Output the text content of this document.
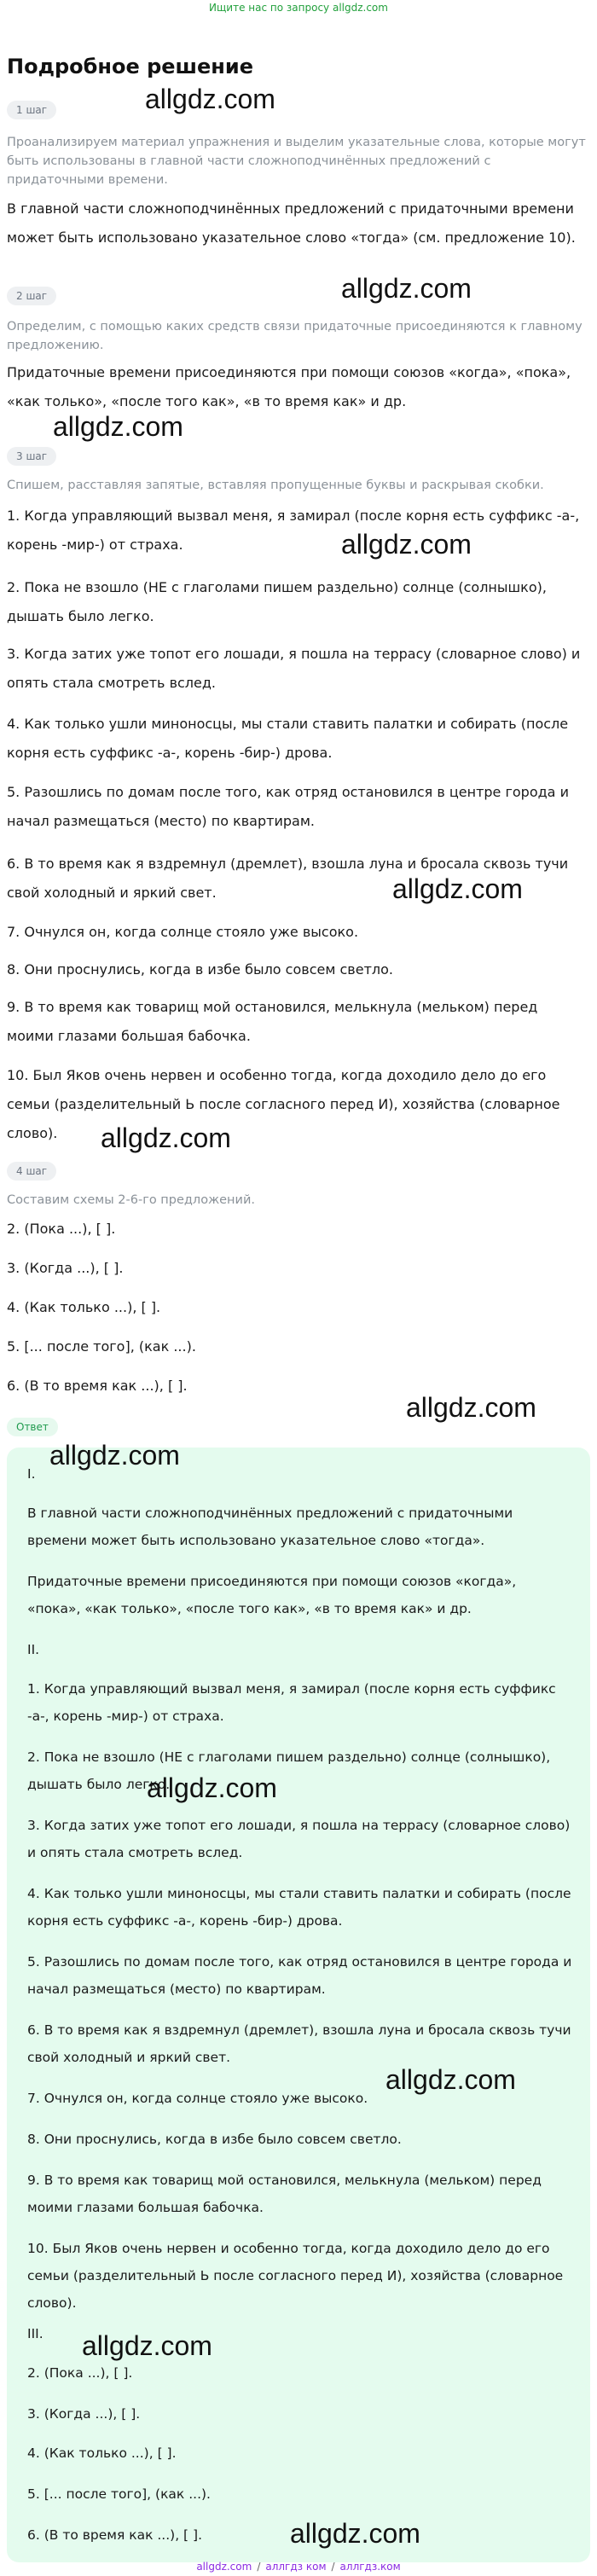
Ищите нас по запросу allgdz.com
Подробное решение
1 шаг
Проанализируем материал упражнения и выделим указательные слова, которые могут быть использованы в главной части сложноподчинённых предложений с придаточными времени.
В главной части сложноподчинённых предложений с придаточными времени может быть использовано указательное слово «тогда» (см. предложение 10).
2 шаг
Определим, с помощью каких средств связи придаточные присоединяются к главному предложению.
Придаточные времени присоединяются при помощи союзов «когда», «пока», «как только», «после того как», «в то время как» и др.
3 шаг
Спишем, расставляя запятые, вставляя пропущенные буквы и раскрывая скобки.
1. Когда управляющий вызвал меня, я замирал (после корня есть суффикс -а-, корень -мир-) от страха.
2. Пока не взошло (НЕ с глаголами пишем раздельно) солнце (солнышко), дышать было легко.
3. Когда затих уже топот его лошади, я пошла на террасу (словарное слово) и опять стала смотреть вслед.
4. Как только ушли миноносцы, мы стали ставить палатки и собирать (после корня есть суффикс -а-, корень -бир-) дрова.
5. Разошлись по домам после того, как отряд остановился в центре города и начал размещаться (место) по квартирам.
6. В то время как я вздремнул (дремлет), взошла луна и бросала сквозь тучи свой холодный и яркий свет.
7. Очнулся он, когда солнце стояло уже высоко.
8. Они проснулись, когда в избе было совсем светло.
9. В то время как товарищ мой остановился, мелькнула (мельком) перед моими глазами большая бабочка.
10. Был Яков очень нервен и особенно тогда, когда доходило дело до его семьи (разделительный Ь после согласного перед И), хозяйства (словарное слово).
4 шаг
Составим схемы 2-6-го предложений.
2. (Пока ...), [ ].
3. (Когда ...), [ ].
4. (Как только ...), [ ].
5. [... после того], (как ...).
6. (В то время как ...), [ ].
Ответ
I.
В главной части сложноподчинённых предложений с придаточными времени может быть использовано указательное слово «тогда».
Придаточные времени присоединяются при помощи союзов «когда», «пока», «как только», «после того как», «в то время как» и др.
II.
1. Когда управляющий вызвал меня, я замирал (после корня есть суффикс -а-, корень -мир-) от страха.
2. Пока не взошло (НЕ с глаголами пишем раздельно) солнце (солнышко), дышать было легко.
3. Когда затих уже топот его лошади, я пошла на террасу (словарное слово) и опять стала смотреть вслед.
4. Как только ушли миноносцы, мы стали ставить палатки и собирать (после корня есть суффикс -а-, корень -бир-) дрова.
5. Разошлись по домам после того, как отряд остановился в центре города и начал размещаться (место) по квартирам.
6. В то время как я вздремнул (дремлет), взошла луна и бросала сквозь тучи свой холодный и яркий свет.
7. Очнулся он, когда солнце стояло уже высоко.
8. Они проснулись, когда в избе было совсем светло.
9. В то время как товарищ мой остановился, мелькнула (мельком) перед моими глазами большая бабочка.
10. Был Яков очень нервен и особенно тогда, когда доходило дело до его семьи (разделительный Ь после согласного перед И), хозяйства (словарное слово).
III.
2. (Пока ...), [ ].
3. (Когда ...), [ ].
4. (Как только ...), [ ].
5. [... после того], (как ...).
6. (В то время как ...), [ ].
allgdz.com
allgdz.com
allgdz.com
allgdz.com
allgdz.com
allgdz.com
allgdz.com
allgdz.com
allgdz.com
allgdz.com
allgdz.com
allgdz.com
allgdz.com / аллгдз ком / аллгдз.ком
